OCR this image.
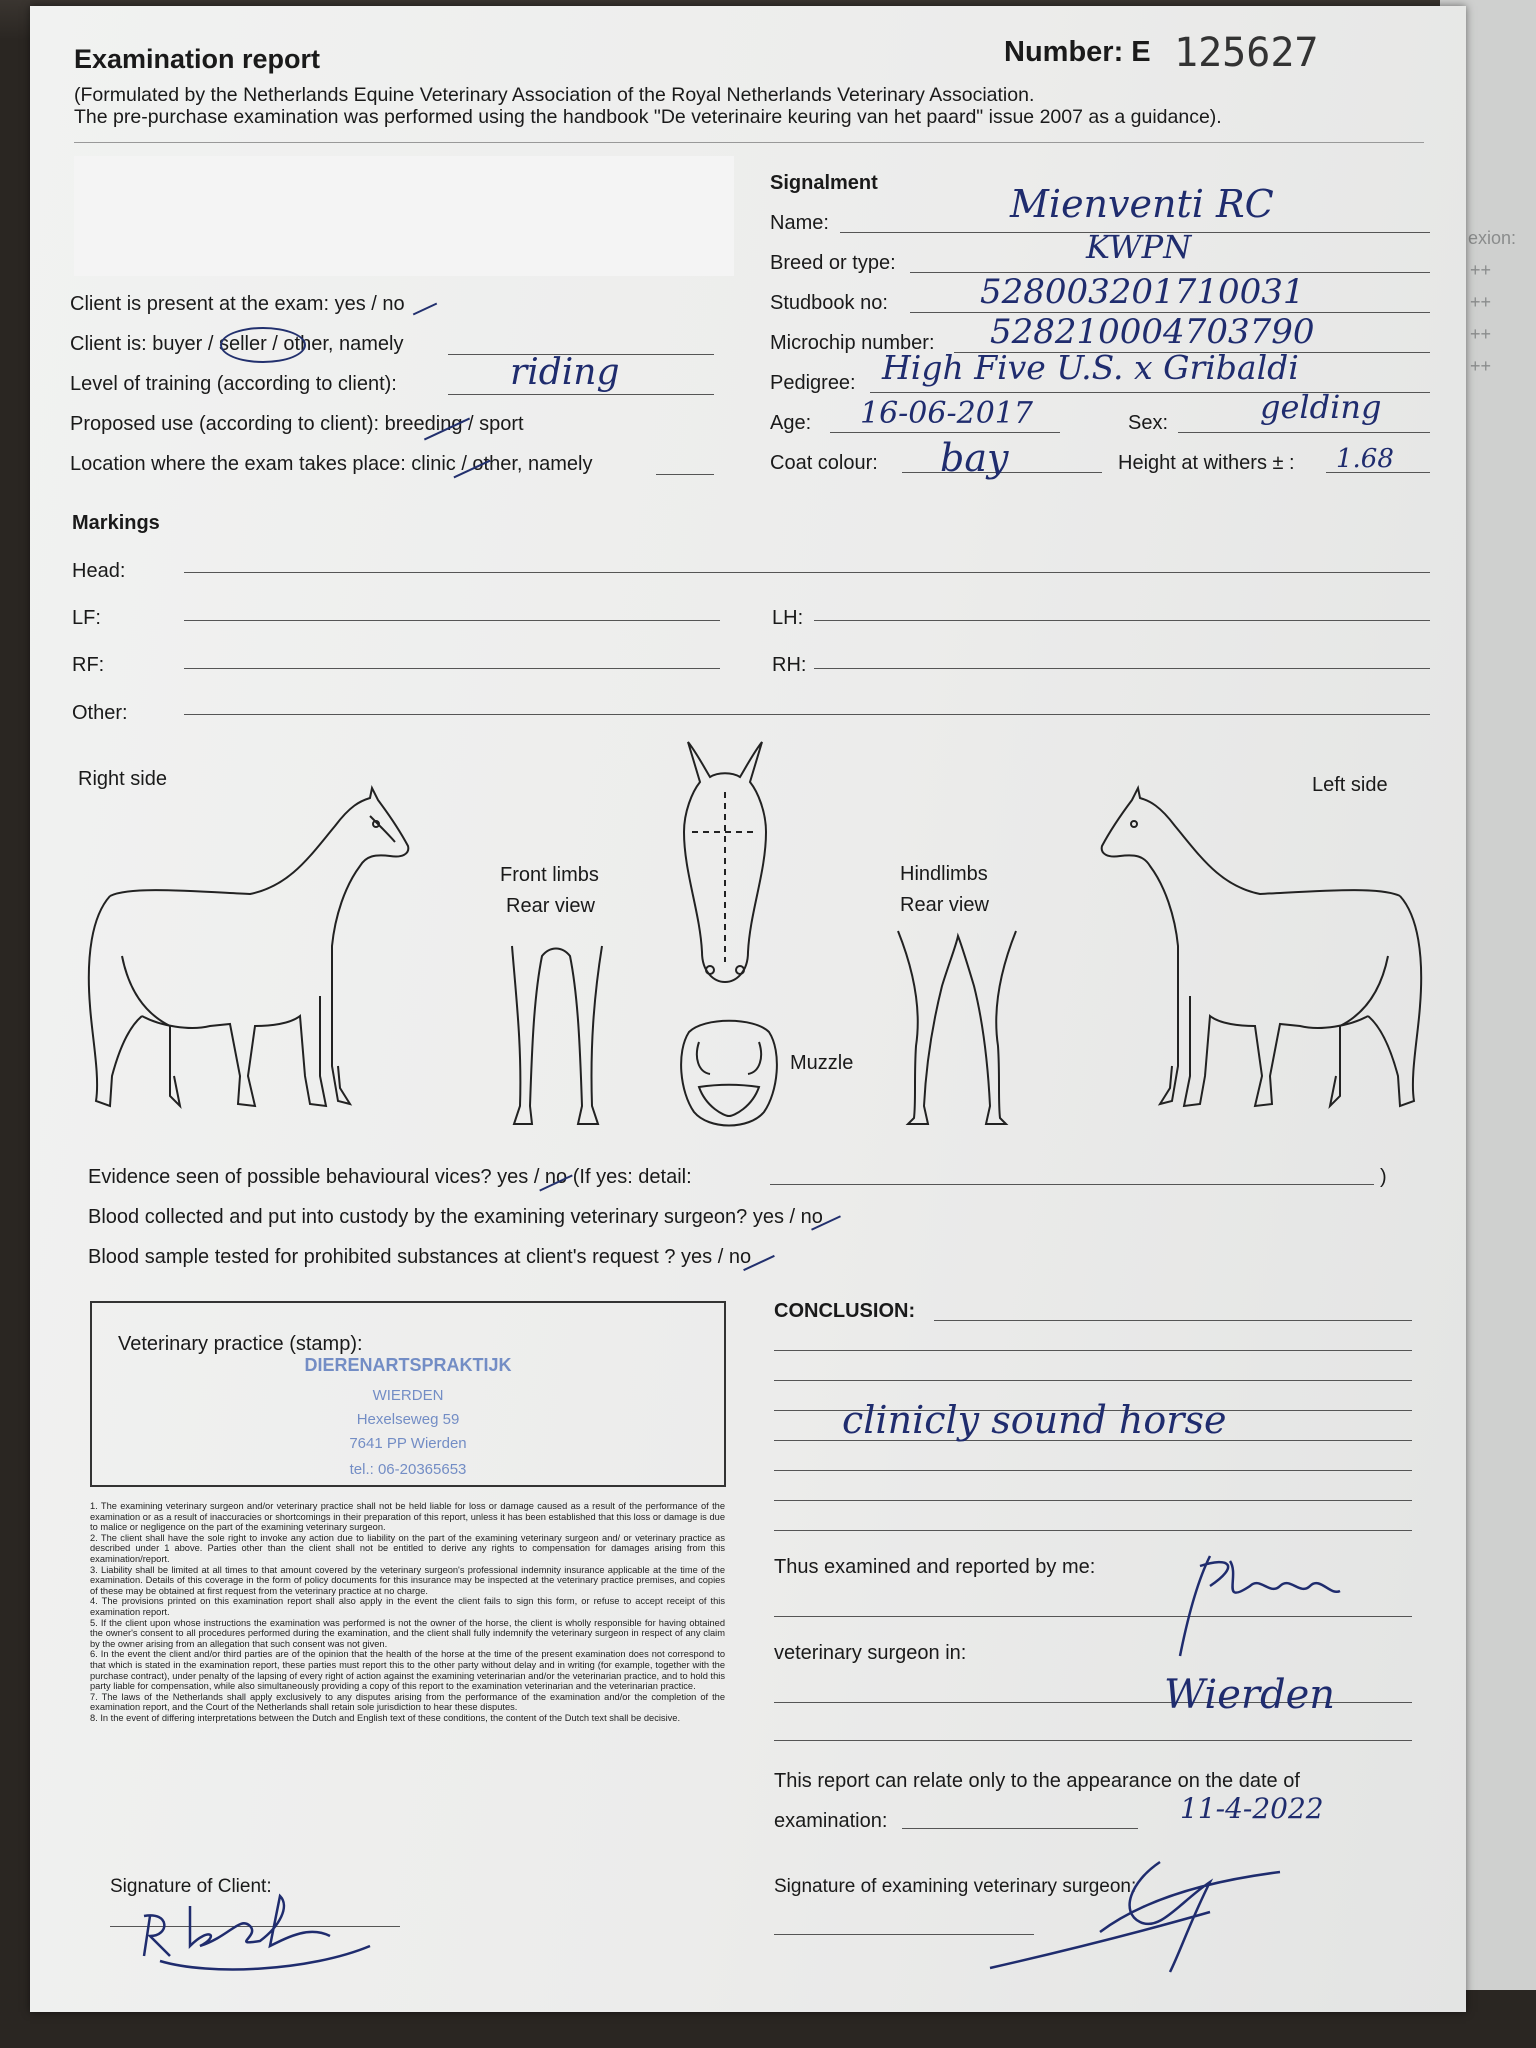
exion:
++
++
++
++
Examination report	Number: E 125627
(Formulated by the Netherlands Equine Veterinary Association of the Royal Netherlands Veterinary Association.
The pre-purchase examination was performed using the handbook "De veterinaire keuring van het paard" issue 2007 as a guidance).
Client is present at the exam: yes / no
Client is: buyer / seller / other, namely
Level of training (according to client):	riding
Proposed use (according to client): breeding / sport
Location where the exam takes place: clinic / other, namely
Signalment
Name:	Mienventi RC
Breed or type:	KWPN
Studbook no:	528003201710031
Microchip number: 528210004703790
Pedigree: High Five U.S. x Gribaldi
Age: 16-06-2017	Sex:	gelding
Coat colour: bay	Height at withers ± : 1.68
Markings
Head:
LF:	LH:
RF:	RH:
Other:
Right side	Left side
Front limbs
Rear view
Hindlimbs
Rear view
Muzzle
Evidence seen of possible behavioural vices? yes / no (If yes: detail:	)
Blood collected and put into custody by the examining veterinary surgeon? yes / no
Blood sample tested for prohibited substances at client's request ? yes / no
Veterinary practice (stamp):
DIERENARTSPRAKTIJK
WIERDEN
Hexelseweg 59
7641 PP Wierden
tel.: 06-20365653

1. The examining veterinary surgeon and/or veterinary practice shall not be held liable for loss or damage caused as a result of the performance of the examination or as a result of inaccuracies or shortcomings in their preparation of this report, unless it has been established that this loss or damage is due to malice or negligence on the part of the examining veterinary surgeon.

2. The client shall have the sole right to invoke any action due to liability on the part of the examining veterinary surgeon and/ or veterinary practice as described under 1 above. Parties other than the client shall not be entitled to derive any rights to compensation for damages arising from this examination/report.

3. Liability shall be limited at all times to that amount covered by the veterinary surgeon's professional indemnity insurance applicable at the time of the examination. Details of this coverage in the form of policy documents for this insurance may be inspected at the veterinary practice premises, and copies of these may be obtained at first request from the veterinary practice at no charge.

4. The provisions printed on this examination report shall also apply in the event the client fails to sign this form, or refuse to accept receipt of this examination report.

5. If the client upon whose instructions the examination was performed is not the owner of the horse, the client is wholly responsible for having obtained the owner's consent to all procedures performed during the examination, and the client shall fully indemnify the veterinary surgeon in respect of any claim by the owner arising from an allegation that such consent was not given.

6. In the event the client and/or third parties are of the opinion that the health of the horse at the time of the present examination does not correspond to that which is stated in the examination report, these parties must report this to the other party without delay and in writing (for example, together with the purchase contract), under penalty of the lapsing of every right of action against the examining veterinarian and/or the veterinarian practice, and to hold this party liable for compensation, while also simultaneously providing a copy of this report to the examination veterinarian and the veterinarian practice.

7. The laws of the Netherlands shall apply exclusively to any disputes arising from the performance of the examination and/or the completion of the examination report, and the Court of the Netherlands shall retain sole jurisdiction to hear these disputes.

8. In the event of differing interpretations between the Dutch and English text of these conditions, the content of the Dutch text shall be decisive.

Signature of Client:
CONCLUSION:
clinicly sound horse
Thus examined and reported by me:
veterinary surgeon in:
Wierden
This report can relate only to the appearance on the date of
examination:	11-4-2022
Signature of examining veterinary surgeon:
